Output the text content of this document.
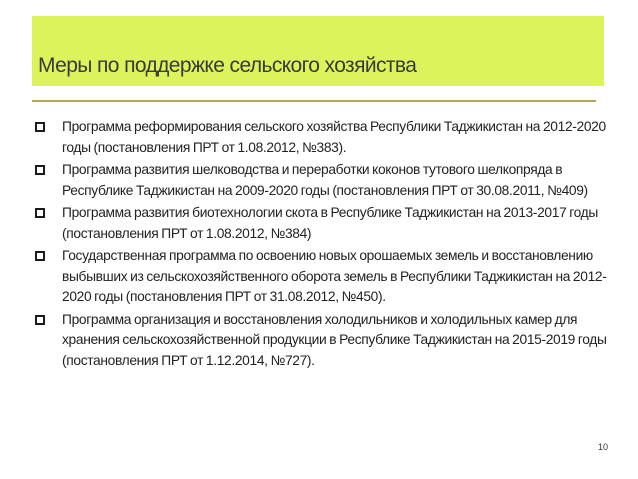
Меры по поддержке сельского хозяйства
Программа реформирования сельского хозяйства Республики Таджикистан на 2012-2020 годы (постановления ПРТ от 1.08.2012, №383).
Программа развития шелководства и переработки коконов тутового шелкопряда в Республике Таджикистан на 2009-2020 годы (постановления ПРТ от 30.08.2011, №409)
Программа развития биотехнологии скота в Республике Таджикистан на 2013-2017 годы (постановления ПРТ от 1.08.2012, №384)
Государственная программа по освоению новых орошаемых земель и восстановлению выбывших из сельскохозяйственного оборота земель в Республики Таджикистан на 2012-2020 годы (постановления ПРТ от 31.08.2012, №450).
Программа организация и восстановления холодильников и холодильных камер для хранения сельскохозяйственной продукции в Республике Таджикистан на 2015-2019 годы (постановления ПРТ от 1.12.2014, №727).
10
